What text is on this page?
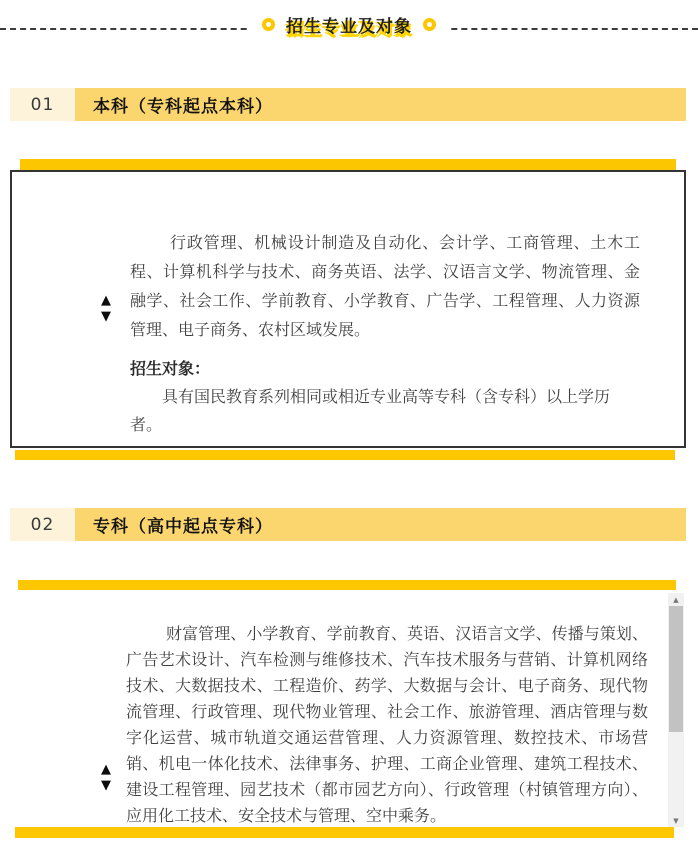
招生专业及对象
01	本科（专科起点本科）

行政管理、机械设计制造及自动化、会计学、工商管理、土木工程、计算机科学与技术、商务英语、法学、汉语言文学、物流管理、金融学、社会工作、学前教育、小学教育、广告学、工程管理、人力资源管理、电子商务、农村区域发展。

招生对象：

具有国民教育系列相同或相近专业高等专科（含专科）以上学历者。

▲
▼
02	专科（高中起点专科）

财富管理、小学教育、学前教育、英语、汉语言文学、传播与策划、广告艺术设计、汽车检测与维修技术、汽车技术服务与营销、计算机网络技术、大数据技术、工程造价、药学、大数据与会计、电子商务、现代物流管理、行政管理、现代物业管理、社会工作、旅游管理、酒店管理与数字化运营、城市轨道交通运营管理、人力资源管理、数控技术、市场营销、机电一体化技术、法律事务、护理、工商企业管理、建筑工程技术、建设工程管理、园艺技术（都市园艺方向）、行政管理（村镇管理方向）、应用化工技术、安全技术与管理、空中乘务。

▲
▼
▲
▼
